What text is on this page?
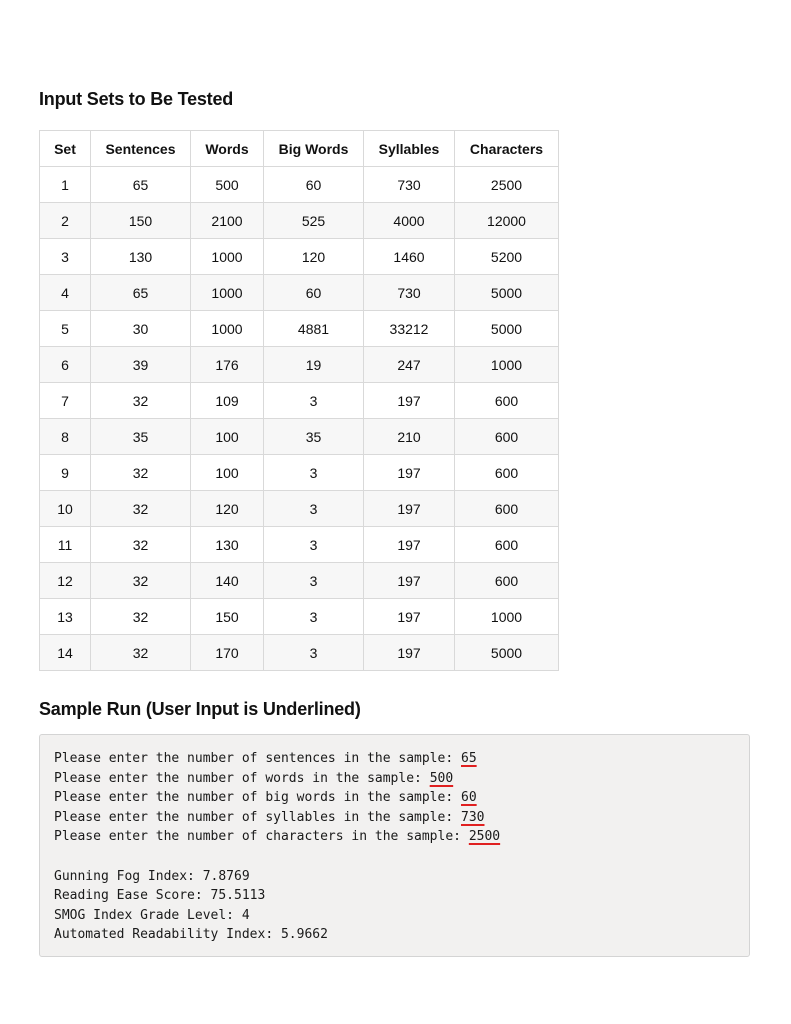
Input Sets to Be Tested
Set	Sentences	Words	Big Words	Syllables	Characters
1	65	500	60	730	2500
2	150	2100	525	4000	12000
3	130	1000	120	1460	5200
4	65	1000	60	730	5000
5	30	1000	4881	33212	5000
6	39	176	19	247	1000
7	32	109	3	197	600
8	35	100	35	210	600
9	32	100	3	197	600
10	32	120	3	197	600
11	32	130	3	197	600
12	32	140	3	197	600
13	32	150	3	197	1000
14	32	170	3	197	5000
Sample Run (User Input is Underlined)
Please enter the number of sentences in the sample: 65
Please enter the number of words in the sample: 500
Please enter the number of big words in the sample: 60
Please enter the number of syllables in the sample: 730
Please enter the number of characters in the sample: 2500
Gunning Fog Index: 7.8769
Reading Ease Score: 75.5113
SMOG Index Grade Level: 4
Automated Readability Index: 5.9662
